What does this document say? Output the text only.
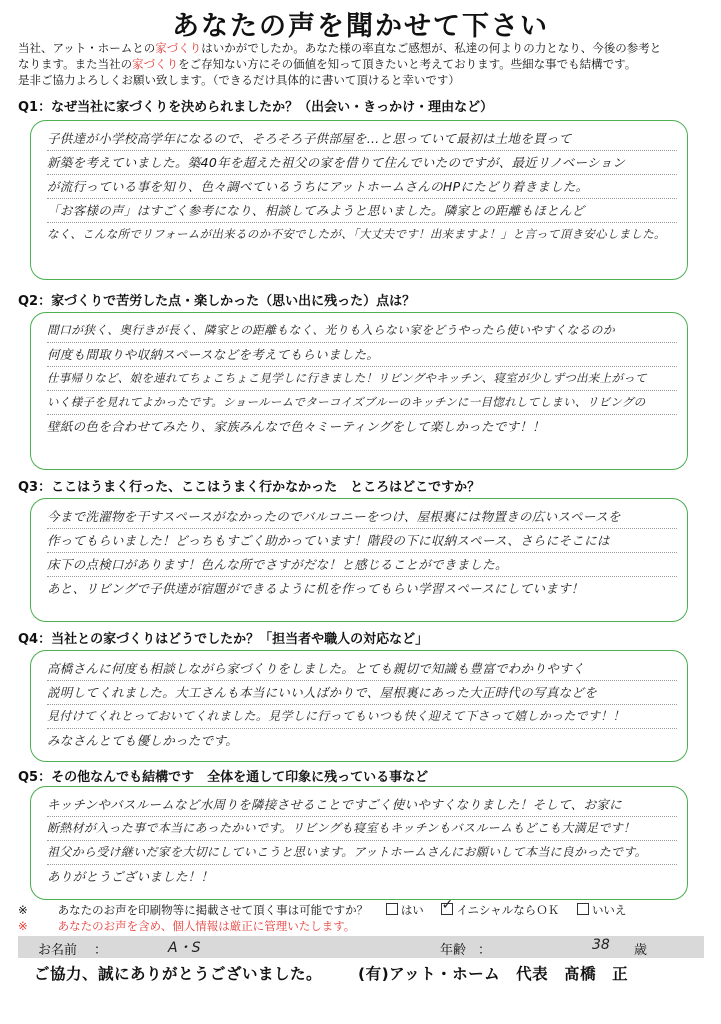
あなたの声を聞かせて下さい
当社、アット・ホームとの家づくりはいかがでしたか。あなた様の率直なご感想が、私達の何よりの力となり、今後の参考と
なります。また当社の家づくりをご存知ない方にその価値を知って頂きたいと考えております。些細な事でも結構です。
是非ご協力よろしくお願い致します。（できるだけ具体的に書いて頂けると幸いです）
Q1：なぜ当社に家づくりを決められましたか？（出会い・きっかけ・理由など）
子供達が小学校高学年になるので、そろそろ子供部屋を…と思っていて最初は土地を買って
新築を考えていました。築40年を超えた祖父の家を借りて住んでいたのですが、最近リノベーション
が流行っている事を知り、色々調べているうちにアットホームさんのHPにたどり着きました。
「お客様の声」はすごく参考になり、相談してみようと思いました。隣家との距離もほとんど
なく、こんな所でリフォームが出来るのか不安でしたが、「大丈夫です！出来ますよ！」と言って頂き安心しました。
Q2：家づくりで苦労した点・楽しかった（思い出に残った）点は？
間口が狭く、奥行きが長く、隣家との距離もなく、光りも入らない家をどうやったら使いやすくなるのか
何度も間取りや収納スペースなどを考えてもらいました。
仕事帰りなど、娘を連れてちょこちょこ見学しに行きました！リビングやキッチン、寝室が少しずつ出来上がって
いく様子を見れてよかったです。ショールームでターコイズブルーのキッチンに一目惚れしてしまい、リビングの
壁紙の色を合わせてみたり、家族みんなで色々ミーティングをして楽しかったです！！
Q3：ここはうまく行った、ここはうまく行かなかった　ところはどこですか？
今まで洗濯物を干すスペースがなかったのでバルコニーをつけ、屋根裏には物置きの広いスペースを
作ってもらいました！どっちもすごく助かっています！階段の下に収納スペース、さらにそこには
床下の点検口があります！色んな所でさすがだな！と感じることができました。
あと、リビングで子供達が宿題ができるように机を作ってもらい学習スペースにしています！
Q4：当社との家づくりはどうでしたか？「担当者や職人の対応など」
高橋さんに何度も相談しながら家づくりをしました。とても親切で知識も豊富でわかりやすく
説明してくれました。大工さんも本当にいい人ばかりで、屋根裏にあった大正時代の写真などを
見付けてくれとっておいてくれました。見学しに行ってもいつも快く迎えて下さって嬉しかったです！！
みなさんとても優しかったです。
Q5：その他なんでも結構です　全体を通して印象に残っている事など
キッチンやバスルームなど水周りを隣接させることですごく使いやすくなりました！そして、お家に
断熱材が入った事で本当にあったかいです。リビングも寝室もキッチンもバスルームもどこも大満足です！
祖父から受け継いだ家を大切にしていこうと思います。アットホームさんにお願いして本当に良かったです。
ありがとうございました！！
※	あなたのお声を印刷物等に掲載させて頂く事は可能ですか？	はい ✓	イニシャルならＯＫ	いいえ
※	あなたのお声を含め、個人情報は厳正に管理いたします。
お名前 ：	A・S	年齢 ：	38 歳
ご協力、誠にありがとうございました。 (有)アット・ホーム　代表　髙橋　正
